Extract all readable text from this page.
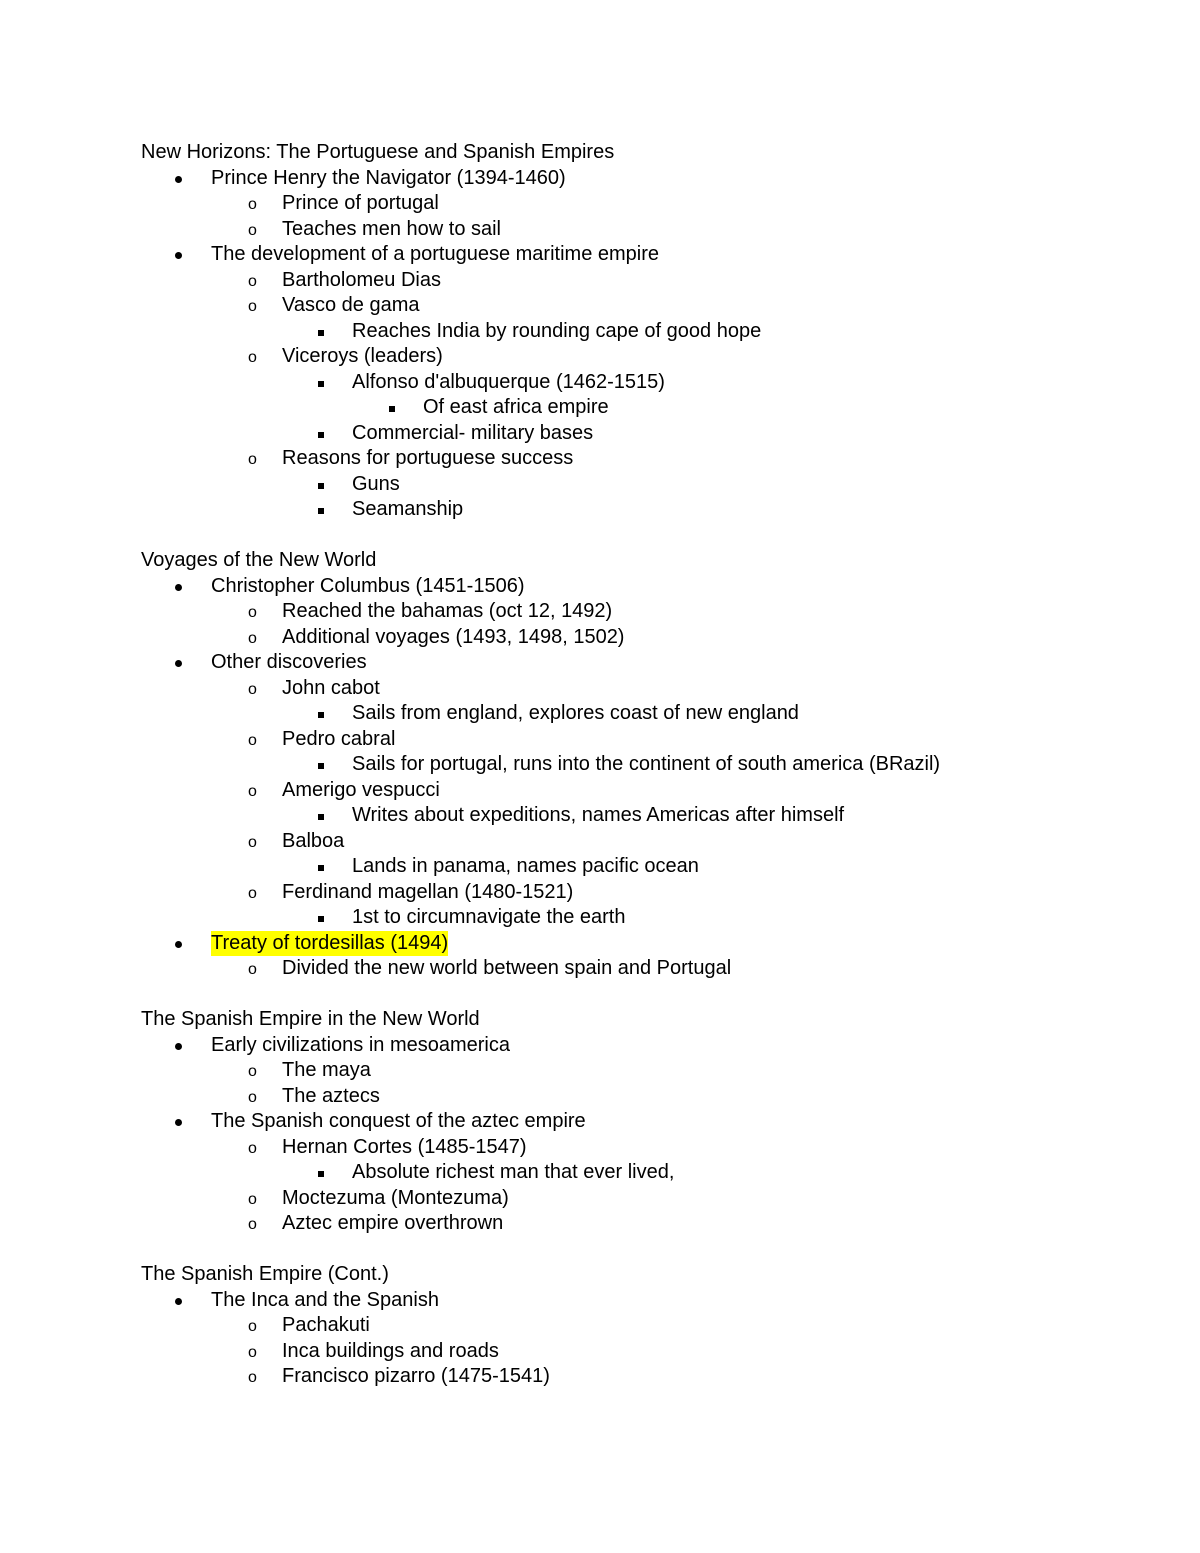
New Horizons: The Portuguese and Spanish Empires
Prince Henry the Navigator (1394-1460)
o Prince of portugal
o Teaches men how to sail
The development of a portuguese maritime empire
o Bartholomeu Dias
o Vasco de gama
Reaches India by rounding cape of good hope
o Viceroys (leaders)
Alfonso d'albuquerque (1462-1515)
Of east africa empire
Commercial- military bases
o Reasons for portuguese success
Guns
Seamanship
Voyages of the New World
Christopher Columbus (1451-1506)
o Reached the bahamas (oct 12, 1492)
o Additional voyages (1493, 1498, 1502)
Other discoveries
o John cabot
Sails from england, explores coast of new england
o Pedro cabral
Sails for portugal, runs into the continent of south america (BRazil)
o Amerigo vespucci
Writes about expeditions, names Americas after himself
o Balboa
Lands in panama, names pacific ocean
o Ferdinand magellan (1480-1521)
1st to circumnavigate the earth
Treaty of tordesillas (1494)
o Divided the new world between spain and Portugal
The Spanish Empire in the New World
Early civilizations in mesoamerica
o The maya
o The aztecs
The Spanish conquest of the aztec empire
o Hernan Cortes (1485-1547)
Absolute richest man that ever lived,
o Moctezuma (Montezuma)
o Aztec empire overthrown
The Spanish Empire (Cont.)
The Inca and the Spanish
o Pachakuti
o Inca buildings and roads
o Francisco pizarro (1475-1541)
